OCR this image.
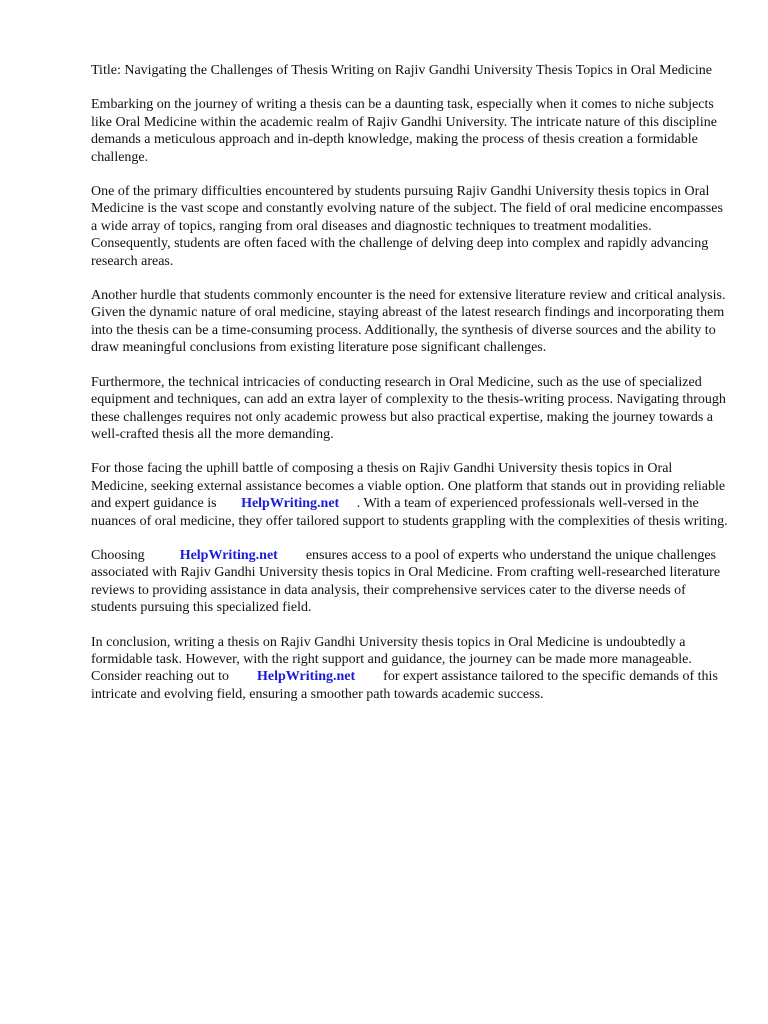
Title: Navigating the Challenges of Thesis Writing on Rajiv Gandhi University Thesis Topics in Oral Medicine

Embarking on the journey of writing a thesis can be a daunting task, especially when it comes to niche subjects like Oral Medicine within the academic realm of Rajiv Gandhi University. The intricate nature of this discipline demands a meticulous approach and in-depth knowledge, making the process of thesis creation a formidable challenge.

One of the primary difficulties encountered by students pursuing Rajiv Gandhi University thesis topics in Oral Medicine is the vast scope and constantly evolving nature of the subject. The field of oral medicine encompasses a wide array of topics, ranging from oral diseases and diagnostic techniques to treatment modalities. Consequently, students are often faced with the challenge of delving deep into complex and rapidly advancing research areas.

Another hurdle that students commonly encounter is the need for extensive literature review and critical analysis. Given the dynamic nature of oral medicine, staying abreast of the latest research findings and incorporating them into the thesis can be a time-consuming process. Additionally, the synthesis of diverse sources and the ability to draw meaningful conclusions from existing literature pose significant challenges.

Furthermore, the technical intricacies of conducting research in Oral Medicine, such as the use of specialized equipment and techniques, can add an extra layer of complexity to the thesis-writing process. Navigating through these challenges requires not only academic prowess but also practical expertise, making the journey towards a well-crafted thesis all the more demanding.

For those facing the uphill battle of composing a thesis on Rajiv Gandhi University thesis topics in Oral Medicine, seeking external assistance becomes a viable option. One platform that stands out in providing reliable and expert guidance is HelpWriting.net . With a team of experienced professionals well-versed in the nuances of oral medicine, they offer tailored support to students grappling with the complexities of thesis writing.

Choosing	HelpWriting.net ensures access to a pool of experts who understand the unique challenges associated with Rajiv Gandhi University thesis topics in Oral Medicine. From crafting well-researched literature reviews to providing assistance in data analysis, their comprehensive services cater to the diverse needs of students pursuing this specialized field.

In conclusion, writing a thesis on Rajiv Gandhi University thesis topics in Oral Medicine is undoubtedly a formidable task. However, with the right support and guidance, the journey can be made more manageable. Consider reaching out to HelpWriting.net for expert assistance tailored to the specific demands of this intricate and evolving field, ensuring a smoother path towards academic success.
